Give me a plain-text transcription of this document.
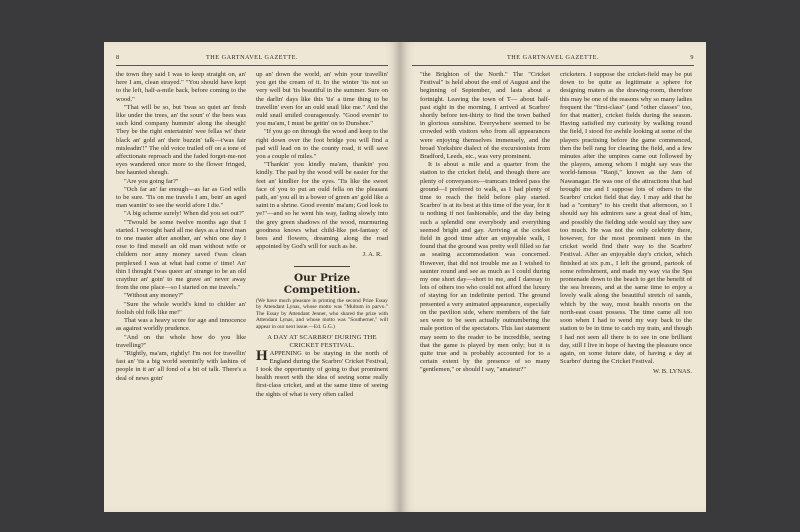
8	THE GARTNAVEL GAZETTE.

the town they said I was to keep straight on, an' here I am, clean strayed." "You should have kept to the left, half-a-mile back, before coming to the wood."

"That will be so, but 'twas so quiet an' fresh like under the trees, an' the soun' o' the bees was such kind company hummin' along the sheugh! They be the right entertainin' wee fellas wi' their black an' gold an' their buzzin' talk—t'was fair misleadin'!" The old voice trailed off on a tone of affectionate reproach and the faded forget-me-not eyes wandered once more to the flower fringed, bee haunted sheugh.

"Are you going far?"

"Och far an' far enough—as far as God wills to be sure. 'Tis on me travels I am, bein' an aged man wantin' to see the world afore I die."

"A big scheme surely! When did you set out?"

"'Twould be some twelve months ago that I started. I wrought hard all me days as a hired man to one master after another, an' whin one day I rose to find meself an old man without wife or childern nor anny money saved t'was clean perplexed I was at what had come o' time! An' thin I thought t'was queer an' strange to be an old craythur an' goin' to me grave an' never away from the one place—so I started on me travels."

"Without any money?"

"Sure the whole world's kind to childer an' foolish old folk like me!"

That was a heavy score for age and innocence as against worldly prudence.

"And on the whole how do you like travelling?"

"Rightly, ma'am, rightly! I'm not for travellin' fast an' 'tis a big world seemin'ly with lashins of people in it an' all fond of a bit of talk. There's a deal of news goin'

up an' down the world, an' whin your travellin' you get the cream of it. In the winter 'tis not so very well but 'tis beautiful in the summer. Sure on the darlin' days like this 'tis' a time thing to be travellin' even for an ould snail like me." And the ould snail smiled courageously. "Good evenin' to you ma'am, I must be gettin' on to Dunshee."

"If you go on through the wood and keep to the right down over the foot bridge you will find a pad will lead on to the county road, it will save you a couple of miles."

"Thankin' you kindly ma'am, thankin' you kindly. The pad by the wood will be easier for the feet an' kindlier for the eyes. 'Tis like the sweet face of you to put an ould fella on the pleasant path, an' you all in a bower of green an' gold like a saint in a shrine. Good evenin' ma'am; God look to ye!"—and so he went his way, fading slowly into the grey green shadows of the wood, murmuring goodness knows what child-like pet-fantasy of bees and flowers, dreaming along the road appointed by God's will for such as he.

J. A. R.

Our Prize Competition.
(We have much pleasure in printing the second Prize Essay by Attendant Lynas, whose motto was "Multum in parvo." The Essay by Attendant Jenner, who shared the prize with Attendant Lynas, and whose motto was "Southerner," will appear in our next issue.—Ed. G.G.)
A DAY AT SCARBRO' DURING THE CRICKET FESTIVAL.

HAPPENING to be staying in the north of England during the Scarbro' Cricket Festival, I took the opportunity of going to that prominent health resort with the idea of seeing some really first-class cricket, and at the same time of seeing the sights of what is very often called

9
THE GARTNAVEL GAZETTE.

"the Brighton of the North." The "Cricket Festival" is held about the end of August and the beginning of September, and lasts about a fortnight. Leaving the town of T— about half-past eight in the morning, I arrived at Scarbro' shortly before ten-thirty to find the town bathed in glorious sunshine. Everywhere seemed to be crowded with visitors who from all appearances were enjoying themselves immensely, and the broad Yorkshire dialect of the excursionists from Bradford, Leeds, etc., was very prominent.

It is about a mile and a quarter from the station to the cricket field, and though there are plenty of conveyances—tramcars indeed pass the ground—I preferred to walk, as I had plenty of time to reach the field before play started. Scarbro' is at its best at this time of the year, for it is nothing if not fashionable, and the day being such a splendid one everybody and everything seemed bright and gay. Arriving at the cricket field in good time after an enjoyable walk, I found that the ground was pretty well filled so far as seating accommodation was concerned. However, that did not trouble me as I wished to saunter round and see as much as I could during my one short day—short to me, and I daresay to lots of others too who could not afford the luxury of staying for an indefinite period. The ground presented a very animated appearance, especially on the pavilion side, where members of the fair sex were to be seen actually outnumbering the male portion of the spectators. This last statement may seem to the reader to be incredible, seeing that the game is played by men only; but it is quite true and is probably accounted for to a certain extent by the presence of so many "gentlemen," or should I say, "amateur?"

cricketers. I suppose the cricket-field may be put down to be quite as legitimate a sphere for designing maters as the drawing-room, therefore this may be one of the reasons why so many ladies frequent the "first-class" (and "other classes" too, for that matter), cricket fields during the season. Having satisfied my curiosity by walking round the field, I stood for awhile looking at some of the players practising before the game commenced, then the bell rang for clearing the field, and a few minutes after the umpires came out followed by the players, among whom I might say was the world-famous "Ranji," known as the Jam of Nawanagar. He was one of the attractions that had brought me and I suppose lots of others to the Scarbro' cricket field that day. I may add that he had a "century" to his credit that afternoon, so I should say his admirers saw a great deal of him, and possibly the fielding side would say they saw too much. He was not the only celebrity there, however, for the most prominent men in the cricket world find their way to the Scarbro' Festival. After an enjoyable day's cricket, which finished at six p.m., I left the ground, partook of some refreshment, and made my way via the Spa promenade down to the beach to get the benefit of the sea breezes, and at the same time to enjoy a lovely walk along the beautiful stretch of sands, which by the way, most health resorts on the north-east coast possess. The time came all too soon when I had to wend my way back to the station to be in time to catch my train, and though I had not seen all there is to see in one brilliant day, still I live in hope of having the pleasure once again, on some future date, of having a day at Scarbro' during the Cricket Festival.

W. B. LYNAS.
